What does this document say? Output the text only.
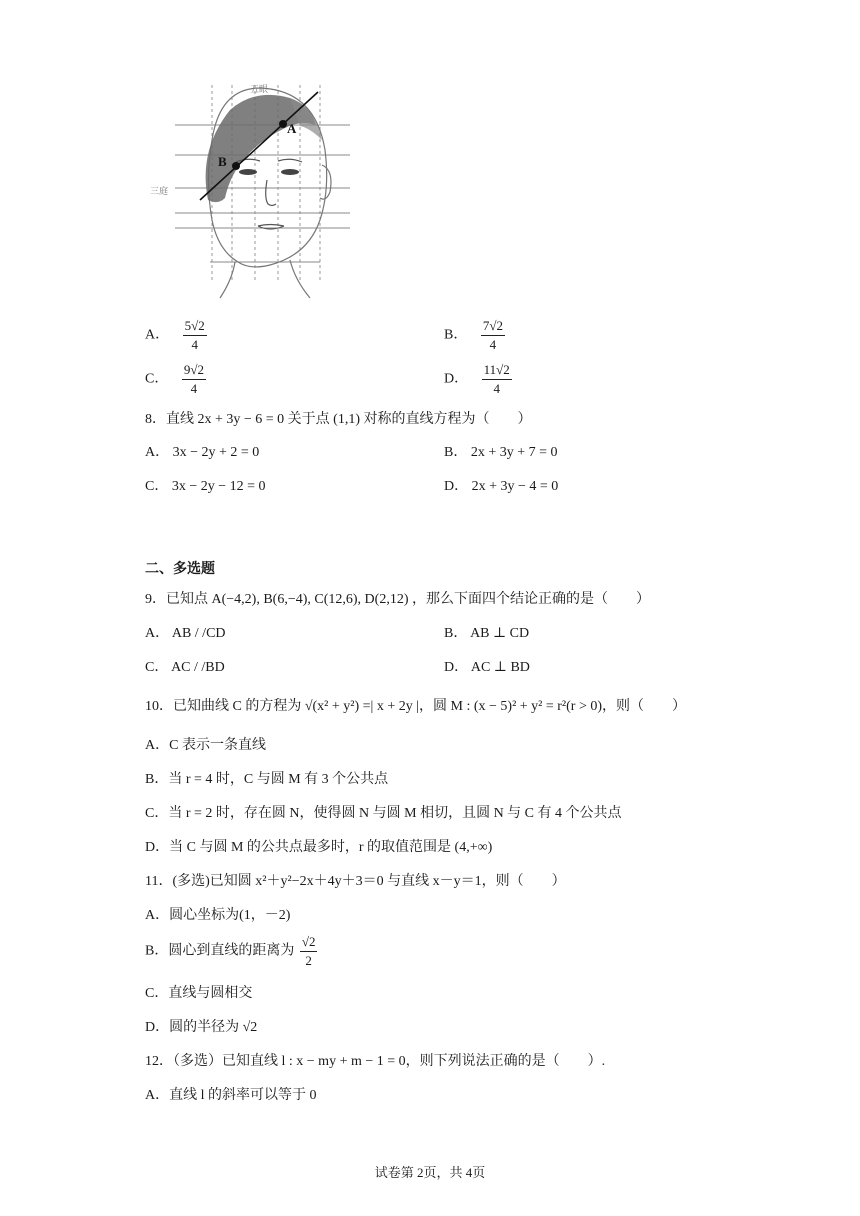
五眼
三庭
A
B
A． $\frac{5√2}{4}$	B． $\frac{7√2}{4}$
C． $\frac{9√2}{4}$	D． $\frac{11√2}{4}$
8．直线 2x + 3y − 6 = 0 关于点 (1,1) 对称的直线方程为（　　）
A． 3x − 2y + 2 = 0	B． 2x + 3y + 7 = 0
C． 3x − 2y − 12 = 0	D． 2x + 3y − 4 = 0
二、多选题
9．已知点 A(−4,2), B(6,−4), C(12,6), D(2,12) ，那么下面四个结论正确的是（　　）
A． AB / /CD	B． AB ⊥ CD
C． AC / /BD	D． AC ⊥ BD
10．已知曲线 C 的方程为 √(x² + y²) =| x + 2y |，圆 M : (x − 5)² + y² = r²(r > 0)，则（　　）
A．C 表示一条直线
B．当 r = 4 时，C 与圆 M 有 3 个公共点
C．当 r = 2 时，存在圆 N，使得圆 N 与圆 M 相切，且圆 N 与 C 有 4 个公共点
D．当 C 与圆 M 的公共点最多时，r 的取值范围是 (4,+∞)
11．(多选)已知圆 x²＋y²−2x＋4y＋3＝0 与直线 x－y＝1，则（　　）
A．圆心坐标为(1，－2)
B．圆心到直线的距离为 $\frac{√2}{2}$
C．直线与圆相交
D．圆的半径为 √2
12．（多选）已知直线 l : x − my + m − 1 = 0，则下列说法正确的是（　　）.
A．直线 l 的斜率可以等于 0
试卷第 2页，共 4页
